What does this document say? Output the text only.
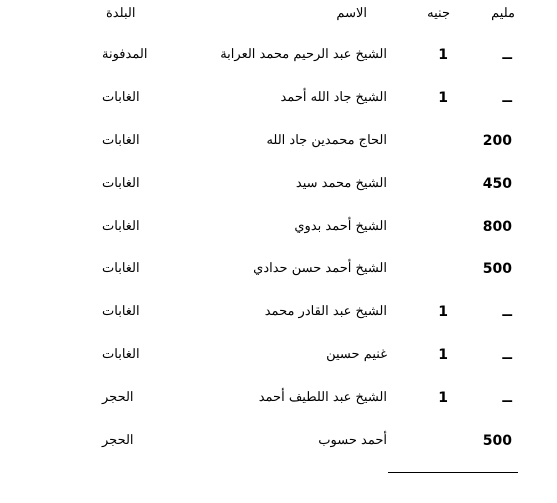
مليم
جنيه
الاسم
البلدة
ــ
1
الشيخ عبد الرحيم محمد العرابة
المدفونة
ــ
1
الشيخ جاد الله أحمد
الغابات
200
الحاج محمدين جاد الله
الغابات
450
الشيخ محمد سيد
الغابات
800
الشيخ أحمد بدوي
الغابات
500
الشيخ أحمد حسن حدادي
الغابات
ــ
1
الشيخ عبد القادر محمد
الغابات
ــ
1
غنيم حسين
الغابات
ــ
1
الشيخ عبد اللطيف أحمد
الحجر
500
أحمد حسوب
الحجر
